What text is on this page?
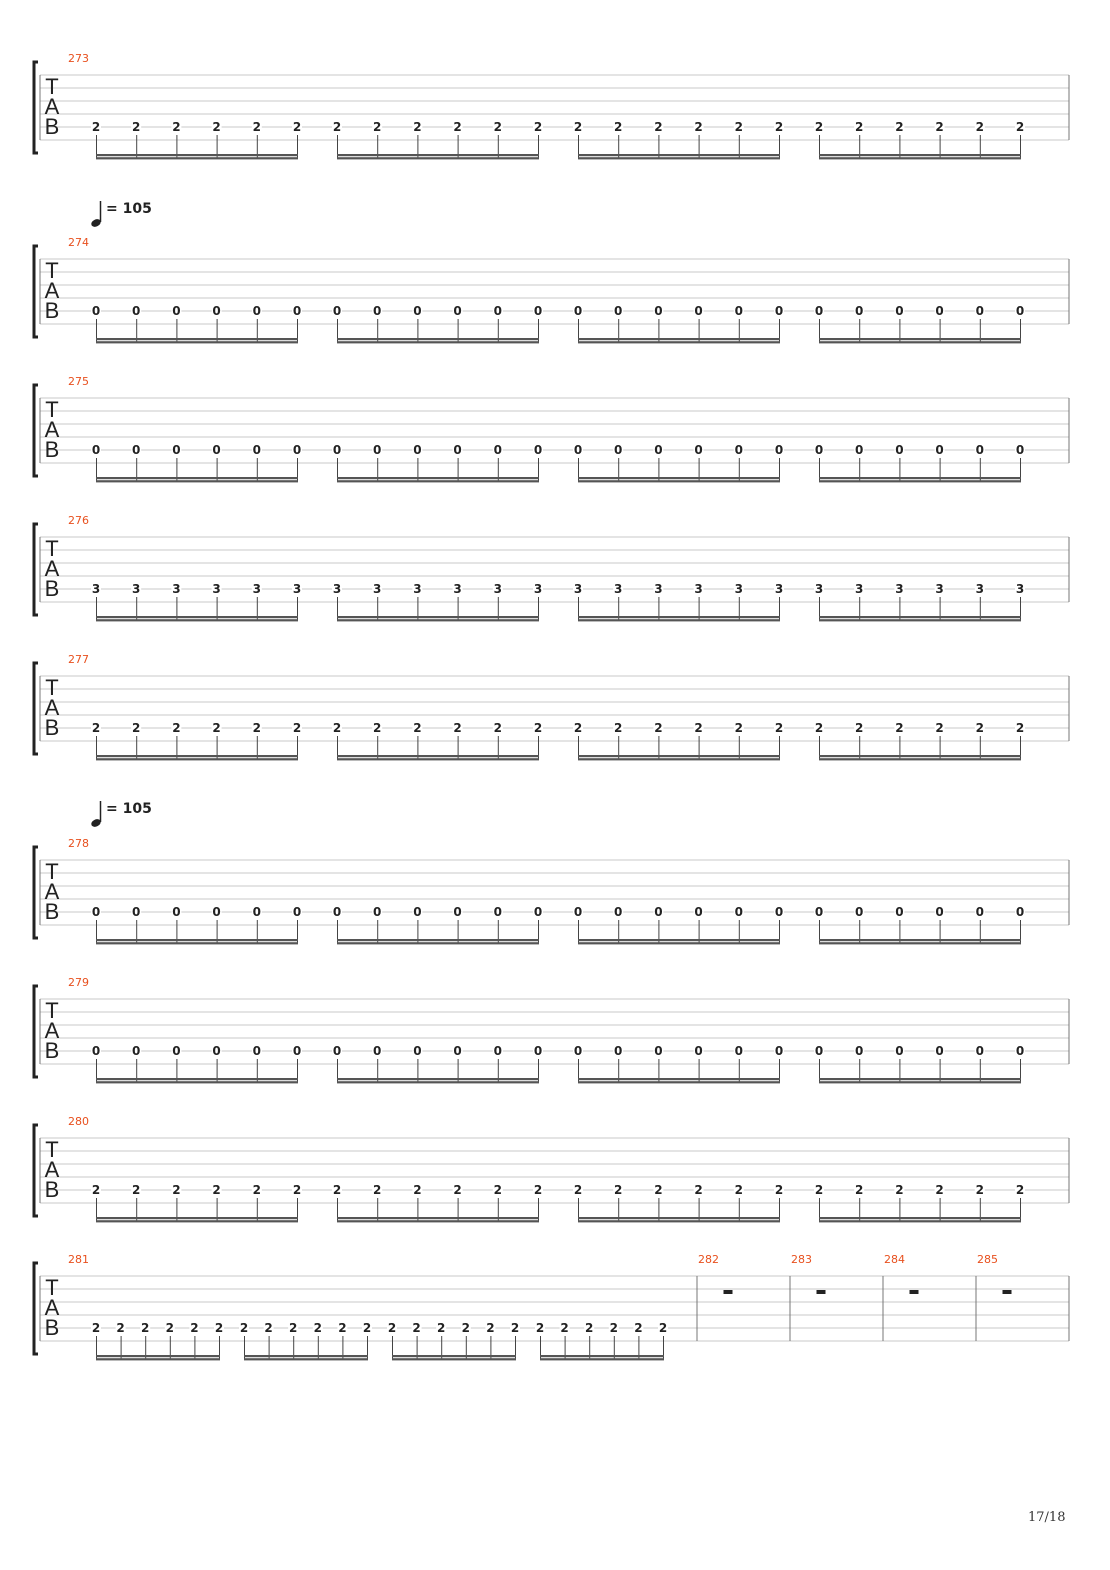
T
A
B
273
2	2	2	2	2	2	2	2	2	2	2	2	2	2	2	2	2	2	2	2	2	2	2	2
T
A
B
274
= 105
0	0	0	0	0	0	0	0	0	0	0	0	0	0	0	0	0	0	0	0	0	0	0	0
T
A
B
275
0	0	0	0	0	0	0	0	0	0	0	0	0	0	0	0	0	0	0	0	0	0	0	0
T
A
B
276
3	3	3	3	3	3	3	3	3	3	3	3	3	3	3	3	3	3	3	3	3	3	3	3
T
A
B
277
2	2	2	2	2	2	2	2	2	2	2	2	2	2	2	2	2	2	2	2	2	2	2	2
T
A
B
278
= 105
0	0	0	0	0	0	0	0	0	0	0	0	0	0	0	0	0	0	0	0	0	0	0	0
T
A
B
279
0	0	0	0	0	0	0	0	0	0	0	0	0	0	0	0	0	0	0	0	0	0	0	0
T
A
B
280
2	2	2	2	2	2	2	2	2	2	2	2	2	2	2	2	2	2	2	2	2	2	2	2
T
A
B
281
2 2 2 2 2 2 2 2 2 2 2 2 2 2 2 2 2 2 2 2 2 2 2 2
282	283	284	285
17/18
